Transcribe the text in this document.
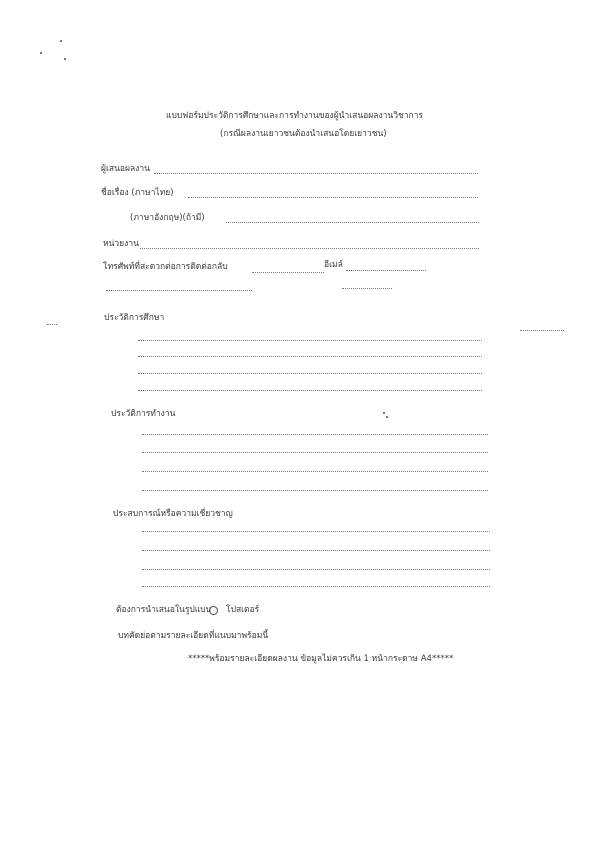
แบบฟอร์มประวัติการศึกษาและการทำงานของผู้นำเสนอผลงานวิชาการ
(กรณีผลงานเยาวชนต้องนำเสนอโดยเยาวชน)
ผู้เสนอผลงาน
ชื่อเรื่อง (ภาษาไทย)
(ภาษาอังกฤษ)(ถ้ามี)
หน่วยงาน
โทรศัพท์ที่สะดวกต่อการติดต่อกลับ	อีเมล์
ประวัติการศึกษา
ประวัติการทำงาน
ประสบการณ์หรือความเชี่ยวชาญ
ต้องการนำเสนอในรูปแบบ โปสเตอร์
บทคัดย่อตามรายละเอียดที่แนบมาพร้อมนี้
*****พร้อมรายละเอียดผลงาน ข้อมูลไม่ควรเกิน 1 หน้ากระดาษ A4*****
